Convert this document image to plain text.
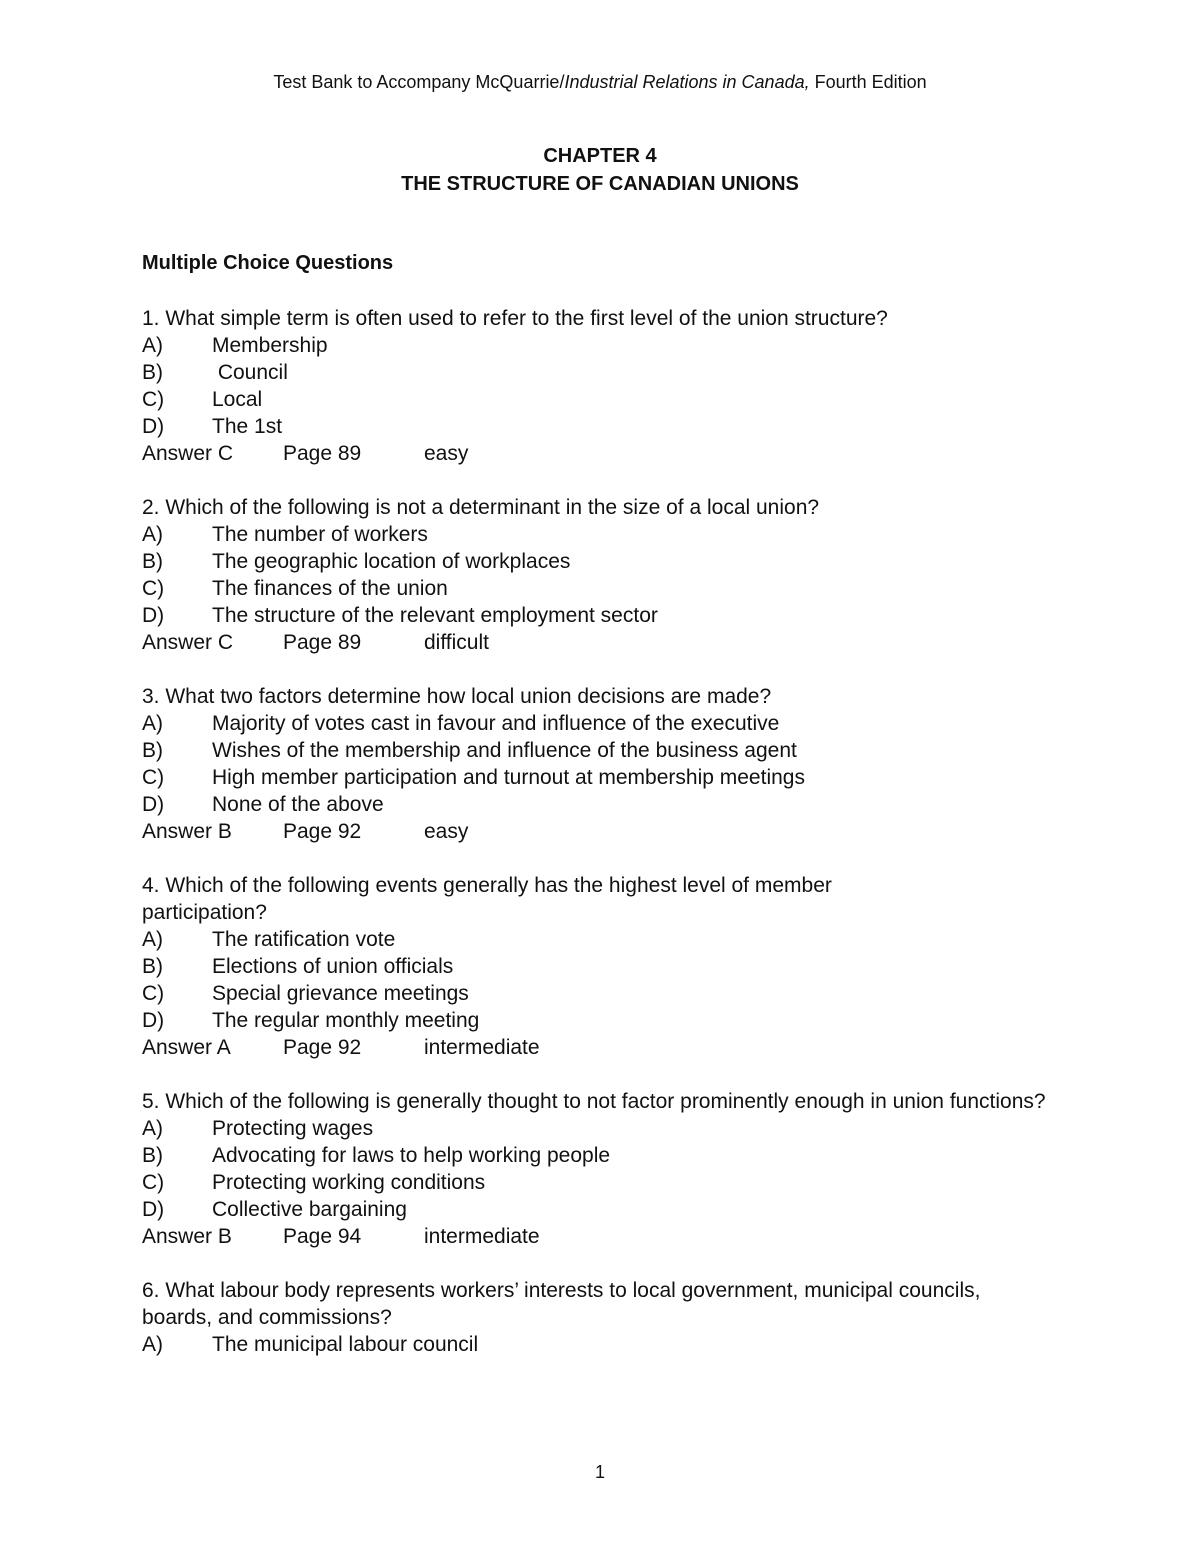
Test Bank to Accompany McQuarrie/Industrial Relations in Canada, Fourth Edition
CHAPTER 4
THE STRUCTURE OF CANADIAN UNIONS
Multiple Choice Questions

1. What simple term is often used to refer to the first level of the union structure?

A)	Membership
B)	Council
C)	Local
D)	The 1st
Answer C	Page 89	easy

2. Which of the following is not a determinant in the size of a local union?

A)	The number of workers
B)	The geographic location of workplaces
C)	The finances of the union
D)	The structure of the relevant employment sector
Answer C	Page 89	difficult

3. What two factors determine how local union decisions are made?

A)	Majority of votes cast in favour and influence of the executive
B)	Wishes of the membership and influence of the business agent
C)	High member participation and turnout at membership meetings
D)	None of the above
Answer B	Page 92	easy

4. Which of the following events generally has the highest level of member participation?

A)	The ratification vote
B)	Elections of union officials
C)	Special grievance meetings
D)	The regular monthly meeting
Answer A	Page 92	intermediate

5. Which of the following is generally thought to not factor prominently enough in union functions?

A)	Protecting wages
B)	Advocating for laws to help working people
C)	Protecting working conditions
D)	Collective bargaining
Answer B	Page 94	intermediate

6. What labour body represents workers’ interests to local government, municipal councils, boards, and commissions?

A)	The municipal labour council
1
